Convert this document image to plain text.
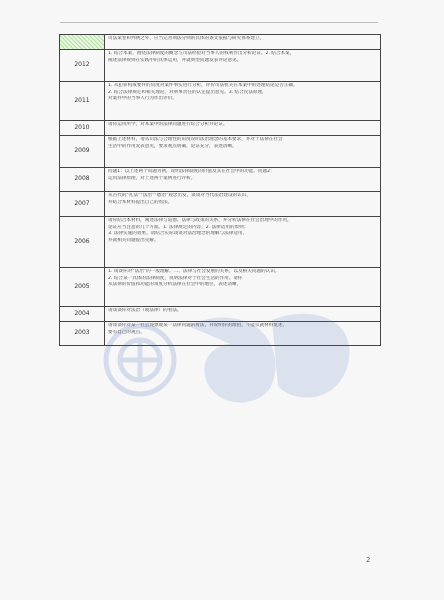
司法案卷和判例之外，应当完善刑法分则的具体的条文依据与研究体系建立。
2012
1. 结合本案，围绕法律制度的概念与司法经验对当事人的权利作出分析论证。2. 结合本案，
阐述法律规则在实践中的具体运用，并就典型问题发表评论意见。
2011
1. 从犯罪构成要件的角度对案件事实进行分析，评价司法机关在本案中的处理结论是否正确。
2. 结合法律规定和相关理论，对刑事责任的认定提出意见。3. 结合民法原理，
对案件中的当事人行为作出评价。
2010	请你运用所学，对本案中的法律问题进行综合分析并论证。
2009
根据上述材料，请从司法与合理性的角度说明法治理念的基本要求，并对于法律在社会
生活中的作用发表意见，要求观点明确，论证充分，表述清晰。
2008
问题1：以上述两个问题为例，说明法律制度的价值及其在社会中的功能。问题2：
运用法律原理，对上述两个案例进行评析。
2007
从古代的“礼法”“法治”“德治”观念出发，谈谈对当代法治建设的认识，
并结合本材料提出自己的看法。
2006
请你结合本材料，阐述法律与道德、法律与政策的关系，并分析法律在社会治理中的作用，
论证应当注意的几个方面。1. 法律规定的内容；2. 法律适用的原则；
3. 法律实施的效果。请结合实际谈谈对法治理念的理解与法律适用，
并就相关问题提出见解。
2005
1. 谈谈你对“法治”的一般理解。二、法律与社会发展的关系，以及相关问题的认识。
2. 结合某一具体的法律制度，说明法律对于社会生活的作用。请你
从法律的价值和功能的角度分析法律在社会中的地位，表述清晰。
2004	请谈谈你对法治（或法律）的看法。
2003
请谈谈你对某一社会现象或某一法律问题的看法，并说明你的理由。不能仅就材料复述，
要有自己的观点。
2
